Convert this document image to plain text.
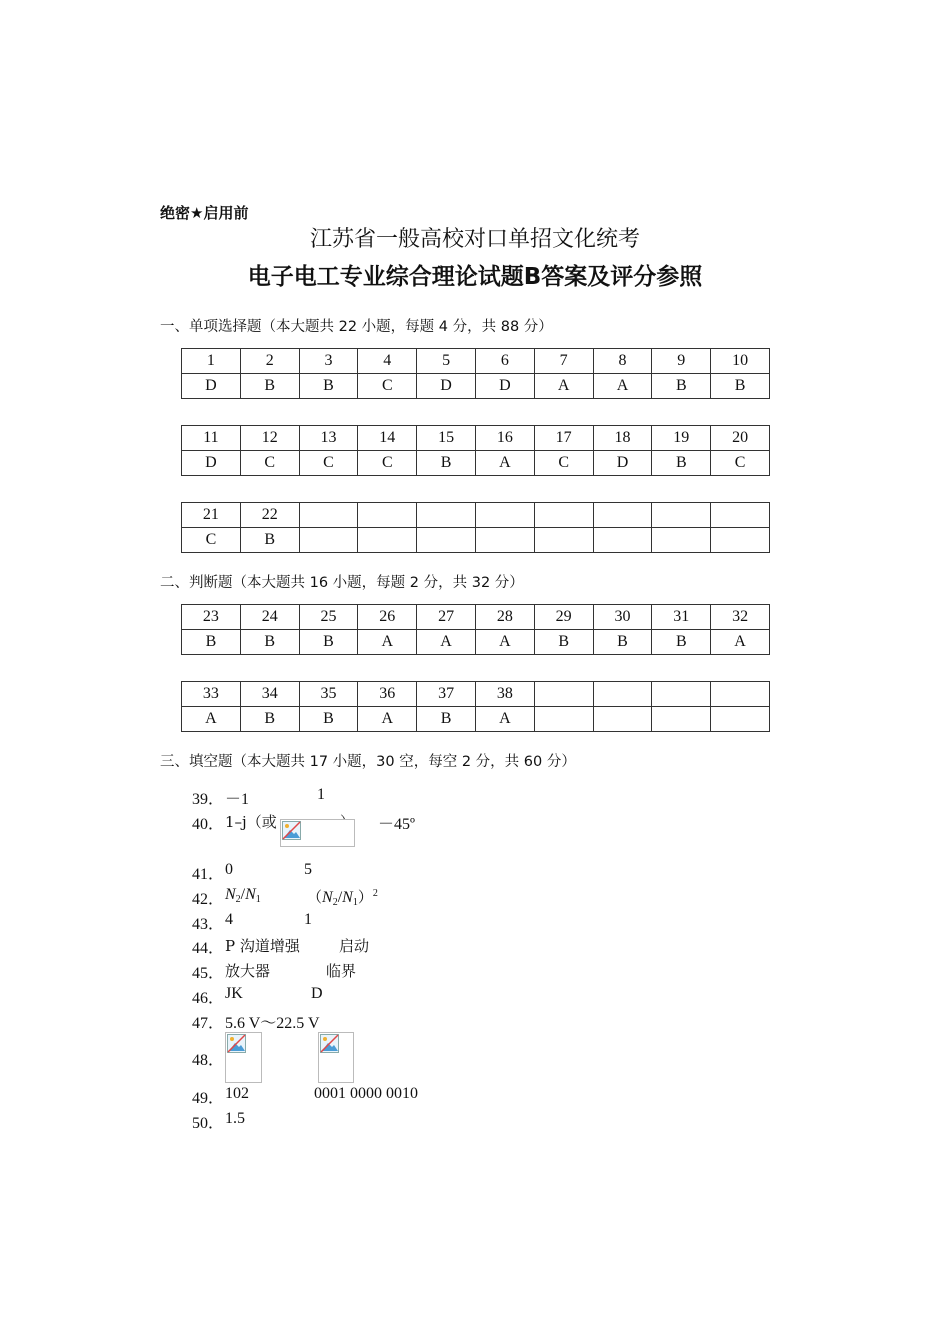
绝密★启用前
江苏省一般高校对口单招文化统考
电子电工专业综合理论试题B答案及评分参照
一、单项选择题（本大题共 22 小题，每题 4 分，共 88 分）
1	2	3	4	5	6	7	8	9	10
D	B	B	C	D	D	A	A	B	B
11	12	13	14	15	16	17	18	19	20
D	C	C	C	B	A	C	D	B	C
21	22								
C	B								
二、判断题（本大题共 16 小题，每题 2 分，共 32 分）
23	24	25	26	27	28	29	30	31	32
B	B	B	A	A	A	B	B	B	A
33	34	35	36	37	38				
A	B	B	A	B	A				
三、填空题（本大题共 17 小题，30 空，每空 2 分，共 60 分）
39． －1	1
40． 1–j（或	－45º
41． 0	5
42． $N_2/N_1$	$(N_2/N_1)^2$
43． 4	1
44． P 沟道增强	启动
45． 放大器	临界
46． JK	D
47． 5.6 V～22.5 V
48．
49． 102	0001 0000 0010
50． 1.5
